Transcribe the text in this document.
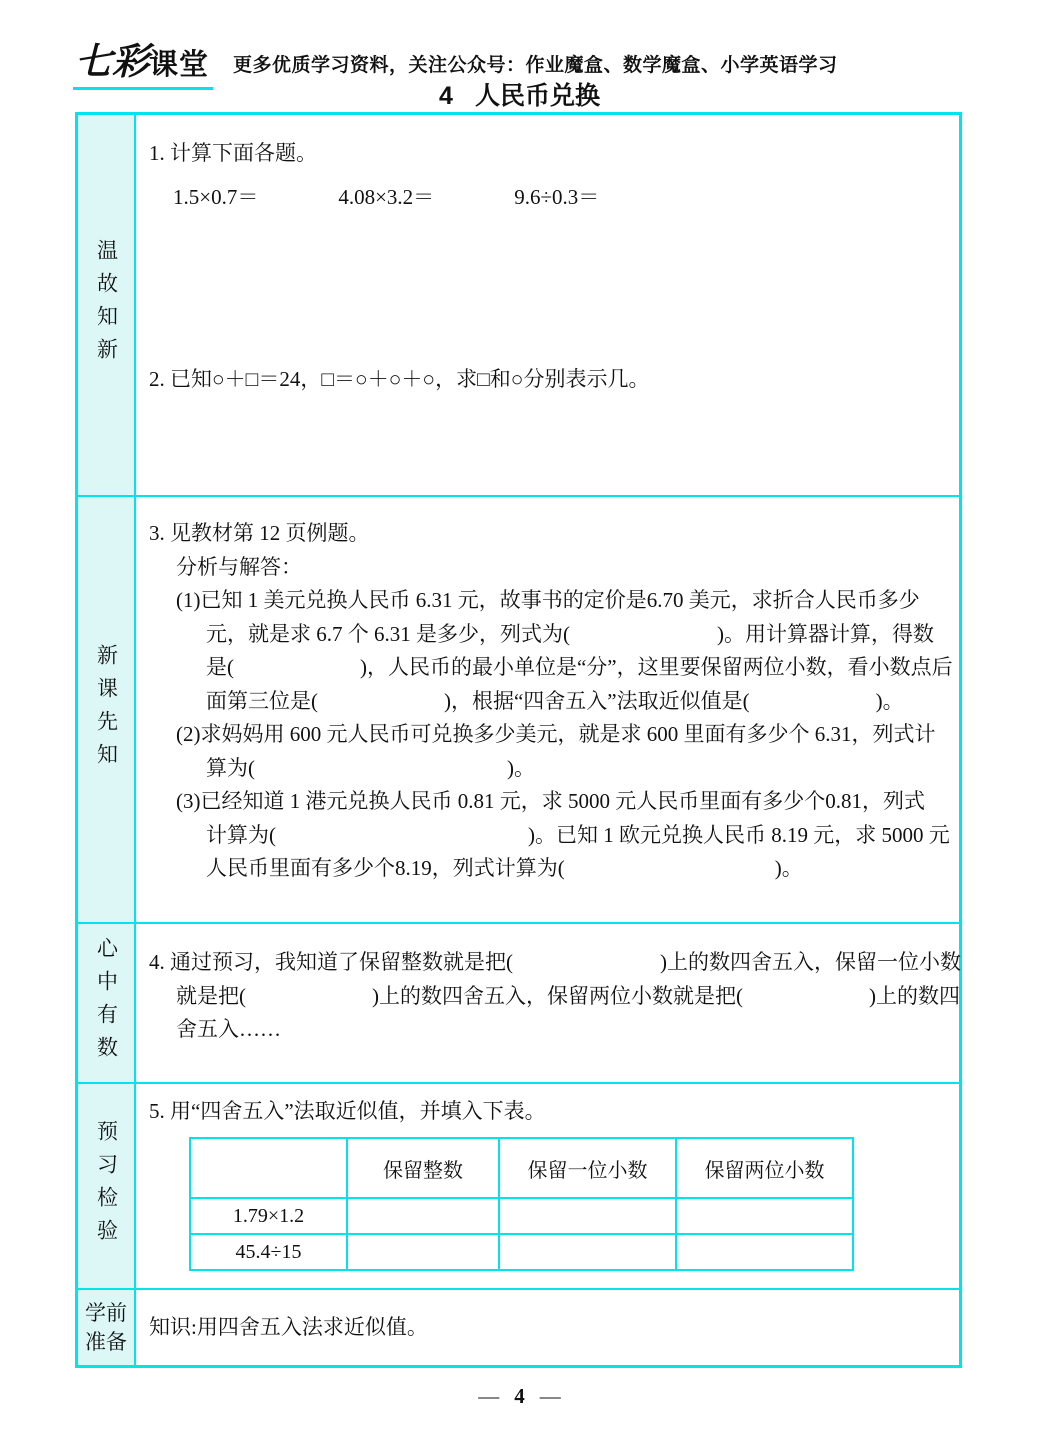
七彩课堂 更多优质学习资料，关注公众号：作业魔盒、数学魔盒、小学英语学习
4 人民币兑换
温故知新
1. 计算下面各题。
1.5×0.7＝	4.08×3.2＝	9.6÷0.3＝
2. 已知○＋□＝24，□＝○＋○＋○，求□和○分别表示几。
新课先知
3. 见教材第 12 页例题。
分析与解答：
(1)已知 1 美元兑换人民币 6.31 元，故事书的定价是6.70 美元，求折合人民币多少
元，就是求 6.7 个 6.31 是多少，列式为(　　　　　　　)。用计算器计算，得数
是(　　　　　　)，人民币的最小单位是“分”，这里要保留两位小数，看小数点后
面第三位是(　　　　　　)，根据“四舍五入”法取近似值是(　　　　　　)。
(2)求妈妈用 600 元人民币可兑换多少美元，就是求 600 里面有多少个 6.31，列式计
算为(　　　　　　　　　　　　)。
(3)已经知道 1 港元兑换人民币 0.81 元，求 5000 元人民币里面有多少个0.81，列式
计算为(　　　　　　　　　　　　)。已知 1 欧元兑换人民币 8.19 元，求 5000 元
人民币里面有多少个8.19，列式计算为(　　　　　　　　　　)。
心中有数 4. 通过预习，我知道了保留整数就是把(　　　　　　　)上的数四舍五入，保留一位小数
就是把(　　　　　　)上的数四舍五入，保留两位小数就是把(　　　　　　)上的数四
舍五入……
预习检验
5. 用“四舍五入”法取近似值，并填入下表。
	保留整数	保留一位小数	保留两位小数
1.79×1.2			
45.4÷15			
学前
准备
知识:用四舍五入法求近似值。
— 4 —
